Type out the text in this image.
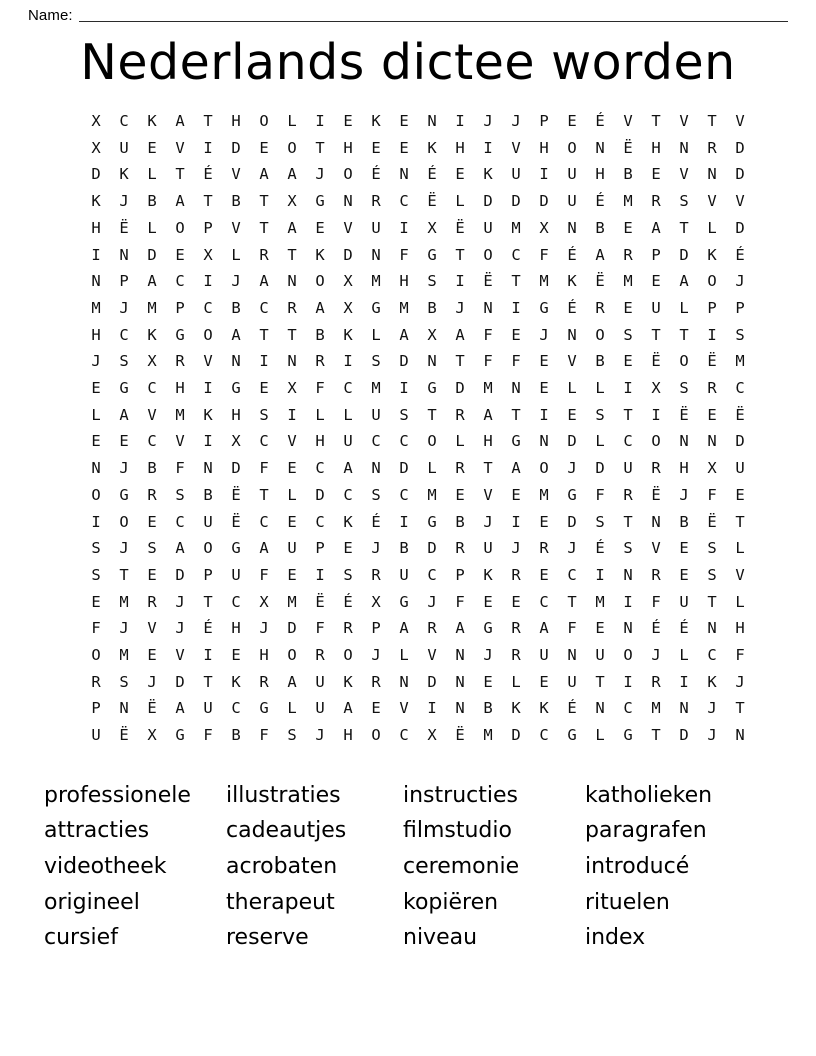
Name:
Nederlands dictee worden
X	C	K	A	T	H	O	L	I	E	K	E	N	I	J	J	P	E	É	V	T	V	T	V
X	U	E	V	I	D	E	O	T	H	E	E	K	H	I	V	H	O	N	Ë	H	N	R	D
D	K	L	T	É	V	A	A	J	O	É	N	É	E	K	U	I	U	H	B	E	V	N	D
K	J	B	A	T	B	T	X	G	N	R	C	Ë	L	D	D	D	U	É	M	R	S	V	V
H	Ë	L	O	P	V	T	A	E	V	U	I	X	Ë	U	M	X	N	B	E	A	T	L	D
I	N	D	E	X	L	R	T	K	D	N	F	G	T	O	C	F	É	A	R	P	D	K	É
N	P	A	C	I	J	A	N	O	X	M	H	S	I	Ë	T	M	K	Ë	M	E	A	O	J
M	J	M	P	C	B	C	R	A	X	G	M	B	J	N	I	G	É	R	E	U	L	P	P
H	C	K	G	O	A	T	T	B	K	L	A	X	A	F	E	J	N	O	S	T	T	I	S
J	S	X	R	V	N	I	N	R	I	S	D	N	T	F	F	E	V	B	E	Ë	O	Ë	M
E	G	C	H	I	G	E	X	F	C	M	I	G	D	M	N	E	L	L	I	X	S	R	C
L	A	V	M	K	H	S	I	L	L	U	S	T	R	A	T	I	E	S	T	I	Ë	E	Ë
E	E	C	V	I	X	C	V	H	U	C	C	O	L	H	G	N	D	L	C	O	N	N	D
N	J	B	F	N	D	F	E	C	A	N	D	L	R	T	A	O	J	D	U	R	H	X	U
O	G	R	S	B	Ë	T	L	D	C	S	C	M	E	V	E	M	G	F	R	Ë	J	F	E
I	O	E	C	U	Ë	C	E	C	K	É	I	G	B	J	I	E	D	S	T	N	B	Ë	T
S	J	S	A	O	G	A	U	P	E	J	B	D	R	U	J	R	J	É	S	V	E	S	L
S	T	E	D	P	U	F	E	I	S	R	U	C	P	K	R	E	C	I	N	R	E	S	V
E	M	R	J	T	C	X	M	Ë	É	X	G	J	F	E	E	C	T	M	I	F	U	T	L
F	J	V	J	É	H	J	D	F	R	P	A	R	A	G	R	A	F	E	N	É	É	N	H
O	M	E	V	I	E	H	O	R	O	J	L	V	N	J	R	U	N	U	O	J	L	C	F
R	S	J	D	T	K	R	A	U	K	R	N	D	N	E	L	E	U	T	I	R	I	K	J
P	N	Ë	A	U	C	G	L	U	A	E	V	I	N	B	K	K	É	N	C	M	N	J	T
U	Ë	X	G	F	B	F	S	J	H	O	C	X	Ë	M	D	C	G	L	G	T	D	J	N
professionele	illustraties	instructies	katholieken
attracties	cadeautjes	filmstudio	paragrafen
videotheek	acrobaten	ceremonie	introducé
origineel	therapeut	kopiëren	rituelen
cursief	reserve	niveau	index
